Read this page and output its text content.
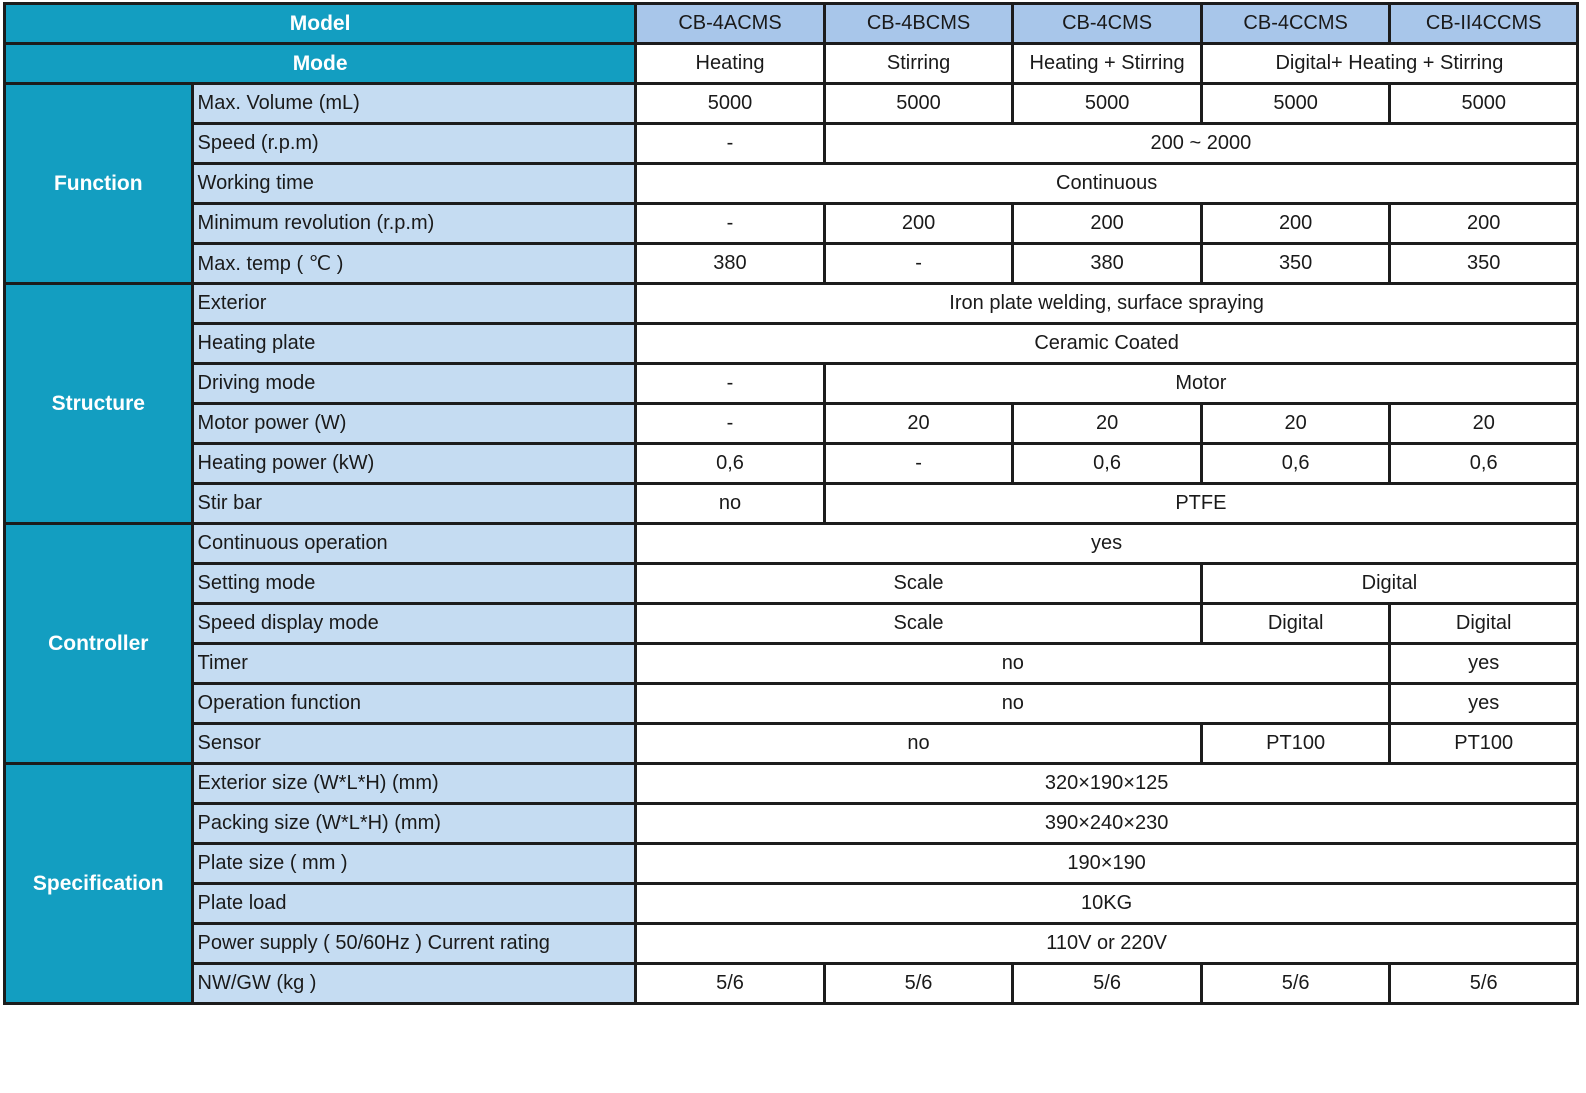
Model		CB-4ACMS	CB-4BCMS	CB-4CMS	CB-4CCMS	CB-II4CCMS
Mode		Heating	Stirring	Heating + Stirring	Digital+ Heating + Stirring	
Function	Max. Volume (mL)	5000	5000	5000	5000	5000
	Speed (r.p.m)	-	200 ~ 2000			
	Working time	Continuous				
	Minimum revolution (r.p.m)	-	200	200	200	200
	Max. temp ( ℃ )	380	-	380	350	350
Structure	Exterior	Iron plate welding, surface spraying				
	Heating plate	Ceramic Coated				
	Driving mode	-	Motor			
	Motor power (W)	-	20	20	20	20
	Heating power (kW)	0,6	-	0,6	0,6	0,6
	Stir bar	no	PTFE			
Controller	Continuous operation	yes				
	Setting mode	Scale			Digital	
	Speed display mode	Scale			Digital	Digital
	Timer	no				yes
	Operation function	no				yes
	Sensor	no			PT100	PT100
Specification	Exterior size (W*L*H) (mm)	320×190×125				
	Packing size (W*L*H) (mm)	390×240×230				
	Plate size ( mm )	190×190				
	Plate load	10KG				
	Power supply ( 50/60Hz ) Current rating	110V or 220V				
	NW/GW (kg )	5/6	5/6	5/6	5/6	5/6
